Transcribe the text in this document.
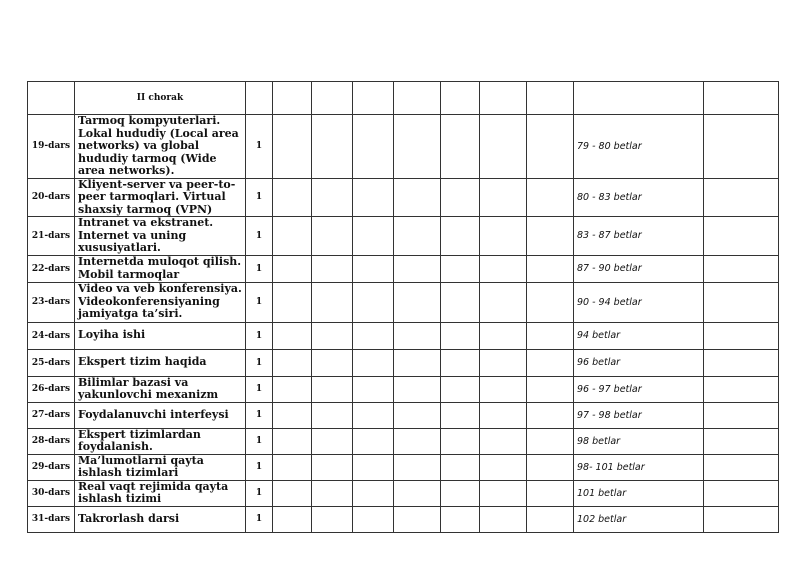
	II chorak										
19-dars	Tarmoq kompyuterlari. Lokal hududiy (Local area networks) va global hududiy tarmoq (Wide area networks).	1								79 - 80 betlar	
20-dars	Kliyent-server va peer-to-peer tarmoqlari. Virtual shaxsiy tarmoq (VPN)	1								80 - 83 betlar	
21-dars	Intranet va ekstranet. Internet va uning xususiyatlari.	1								83 - 87 betlar	
22-dars	Internetda muloqot qilish. Mobil tarmoqlar	1								87 - 90 betlar	
23-dars	Video va veb konferensiya. Videokonferensiyaning jamiyatga ta’siri.	1								90 - 94 betlar	
24-dars	Loyiha ishi	1								94 betlar	
25-dars	Ekspert tizim haqida	1								96 betlar	
26-dars	Bilimlar bazasi va yakunlovchi mexanizm	1								96 - 97 betlar	
27-dars	Foydalanuvchi interfeysi	1								97 - 98 betlar	
28-dars	Ekspert tizimlardan foydalanish.	1								98 betlar	
29-dars	Ma’lumotlarni qayta ishlash tizimlari	1								98- 101 betlar	
30-dars	Real vaqt rejimida qayta ishlash tizimi	1								101 betlar	
31-dars	Takrorlash darsi	1								102 betlar	
